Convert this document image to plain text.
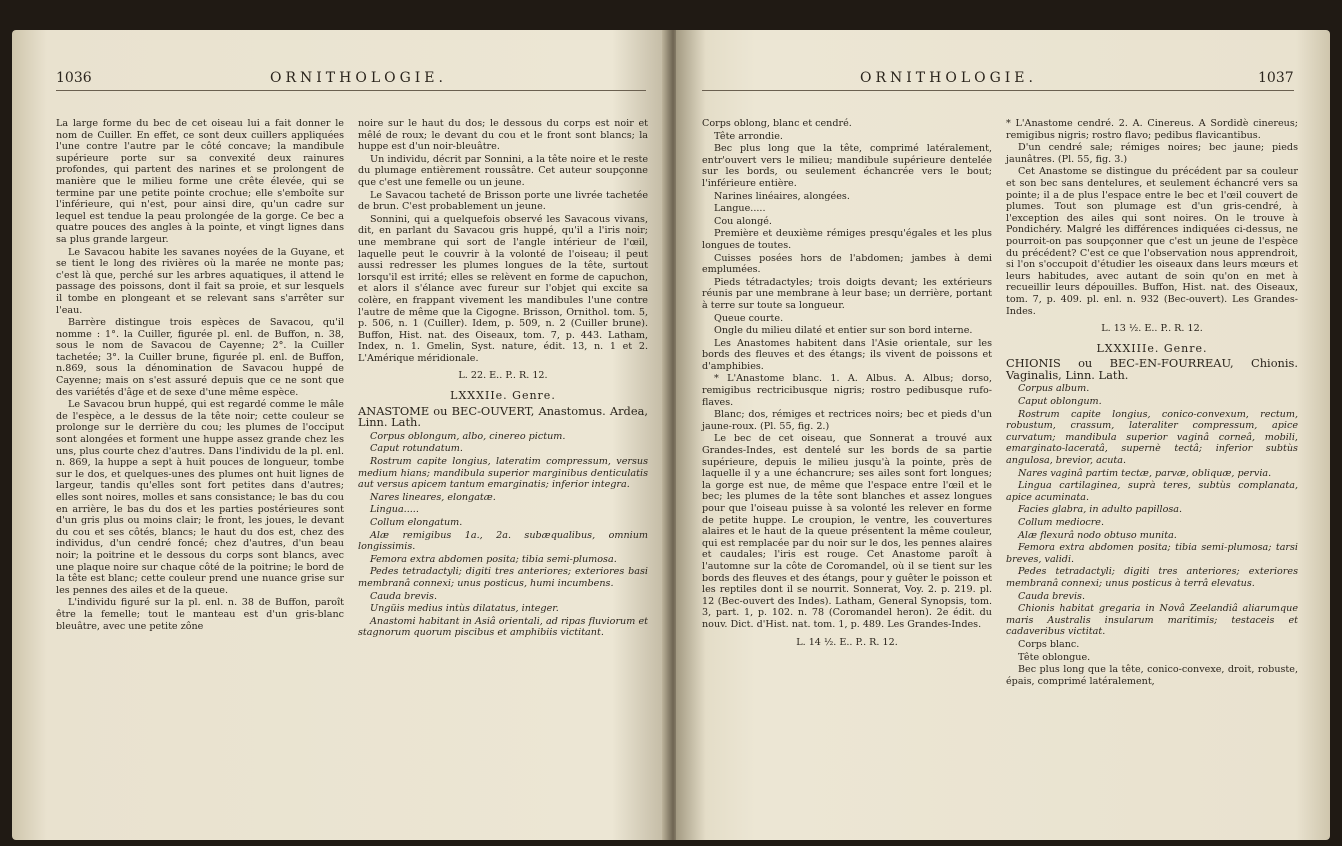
1036	ORNITHOLOGIE.

La large forme du bec de cet oiseau lui a fait donner le nom de Cuiller. En effet, ce sont deux cuillers appliquées l'une contre l'autre par le côté concave; la mandibule supérieure porte sur sa convexité deux rainures profondes, qui partent des narines et se prolongent de manière que le milieu forme une crête élevée, qui se termine par une petite pointe crochue; elle s'emboîte sur l'inférieure, qui n'est, pour ainsi dire, qu'un cadre sur lequel est tendue la peau prolongée de la gorge. Ce bec a quatre pouces des angles à la pointe, et vingt lignes dans sa plus grande largeur.

Le Savacou habite les savanes noyées de la Guyane, et se tient le long des rivières où la marée ne monte pas; c'est là que, perché sur les arbres aquatiques, il attend le passage des poissons, dont il fait sa proie, et sur lesquels il tombe en plongeant et se relevant sans s'arrêter sur l'eau.

Barrère distingue trois espèces de Savacou, qu'il nomme : 1°. la Cuiller, figurée pl. enl. de Buffon, n. 38, sous le nom de Savacou de Cayenne; 2°. la Cuiller tachetée; 3°. la Cuiller brune, figurée pl. enl. de Buffon, n.869, sous la dénomination de Savacou huppé de Cayenne; mais on s'est assuré depuis que ce ne sont que des variétés d'âge et de sexe d'une même espèce.

Le Savacou brun huppé, qui est regardé comme le mâle de l'espèce, a le dessus de la tête noir; cette couleur se prolonge sur le derrière du cou; les plumes de l'occiput sont alongées et forment une huppe assez grande chez les uns, plus courte chez d'autres. Dans l'individu de la pl. enl. n. 869, la huppe a sept à huit pouces de longueur, tombe sur le dos, et quelques-unes des plumes ont huit lignes de largeur, tandis qu'elles sont fort petites dans d'autres; elles sont noires, molles et sans consistance; le bas du cou en arrière, le bas du dos et les parties postérieures sont d'un gris plus ou moins clair; le front, les joues, le devant du cou et ses côtés, blancs; le haut du dos est, chez des individus, d'un cendré foncé; chez d'autres, d'un beau noir; la poitrine et le dessous du corps sont blancs, avec une plaque noire sur chaque côté de la poitrine; le bord de la tête est blanc; cette couleur prend une nuance grise sur les pennes des ailes et de la queue.

L'individu figuré sur la pl. enl. n. 38 de Buffon, paroît être la femelle; tout le manteau est d'un gris-blanc bleuâtre, avec une petite zône

noire sur le haut du dos; le dessous du corps est noir et mêlé de roux; le devant du cou et le front sont blancs; la huppe est d'un noir-bleuâtre.

Un individu, décrit par Sonnini, a la tête noire et le reste du plumage entièrement roussâtre. Cet auteur soupçonne que c'est une femelle ou un jeune.

Le Savacou tacheté de Brisson porte une livrée tachetée de brun. C'est probablement un jeune.

Sonnini, qui a quelquefois observé les Savacous vivans, dit, en parlant du Savacou gris huppé, qu'il a l'iris noir; une membrane qui sort de l'angle intérieur de l'œil, laquelle peut le couvrir à la volonté de l'oiseau; il peut aussi redresser les plumes longues de la tête, surtout lorsqu'il est irrité; elles se relèvent en forme de capuchon, et alors il s'élance avec fureur sur l'objet qui excite sa colère, en frappant vivement les mandibules l'une contre l'autre de même que la Cigogne. Brisson, Ornithol. tom. 5, p. 506, n. 1 (Cuiller). Idem, p. 509, n. 2 (Cuiller brune). Buffon, Hist. nat. des Oiseaux, tom. 7, p. 443. Latham, Index, n. 1. Gmelin, Syst. nature, édit. 13, n. 1 et 2. L'Amérique méridionale.

L. 22. E.. P.. R. 12.

LXXXIIe. Genre.

ANASTOME ou BEC-OUVERT, Anastomus. Ardea, Linn. Lath.

Corpus oblongum, albo, cinereo pictum.

Caput rotundatum.

Rostrum capite longius, lateratim compressum, versus medium hians; mandibula superior marginibus denticulatis aut versus apicem tantum emarginatis; inferior integra.

Nares lineares, elongatæ.

Lingua.....

Collum elongatum.

Alæ remigibus 1a., 2a. subæqualibus, omnium longissimis.

Femora extra abdomen posita; tibia semi-plumosa.

Pedes tetradactyli; digiti tres anteriores; exteriores basi membranâ connexi; unus posticus, humi incumbens.

Cauda brevis.

Ungüis medius intùs dilatatus, integer.

Anastomi habitant in Asiâ orientali, ad ripas fluviorum et stagnorum quorum piscibus et amphibiis victitant.

ORNITHOLOGIE.	1037

Corps oblong, blanc et cendré.

Tête arrondie.

Bec plus long que la tête, comprimé latéralement, entr'ouvert vers le milieu; mandibule supérieure dentelée sur les bords, ou seulement échancrée vers le bout; l'inférieure entière.

Narines linéaires, alongées.

Langue.....

Cou alongé.

Première et deuxième rémiges presqu'égales et les plus longues de toutes.

Cuisses posées hors de l'abdomen; jambes à demi emplumées.

Pieds tétradactyles; trois doigts devant; les extérieurs réunis par une membrane à leur base; un derrière, portant à terre sur toute sa longueur.

Queue courte.

Ongle du milieu dilaté et entier sur son bord interne.

Les Anastomes habitent dans l'Asie orientale, sur les bords des fleuves et des étangs; ils vivent de poissons et d'amphibies.

* L'Anastome blanc. 1. A. Albus. A. Albus; dorso, remigibus rectricibusque nigris; rostro pedibusque rufo-flaves.

Blanc; dos, rémiges et rectrices noirs; bec et pieds d'un jaune-roux. (Pl. 55, fig. 2.)

Le bec de cet oiseau, que Sonnerat a trouvé aux Grandes-Indes, est dentelé sur les bords de sa partie supérieure, depuis le milieu jusqu'à la pointe, près de laquelle il y a une échancrure; ses ailes sont fort longues; la gorge est nue, de même que l'espace entre l'œil et le bec; les plumes de la tête sont blanches et assez longues pour que l'oiseau puisse à sa volonté les relever en forme de petite huppe. Le croupion, le ventre, les couvertures alaires et le haut de la queue présentent la même couleur, qui est remplacée par du noir sur le dos, les pennes alaires et caudales; l'iris est rouge. Cet Anastome paroît à l'automne sur la côte de Coromandel, où il se tient sur les bords des fleuves et des étangs, pour y guêter le poisson et les reptiles dont il se nourrit. Sonnerat, Voy. 2. p. 219. pl. 12 (Bec-ouvert des Indes). Latham, General Synopsis, tom. 3, part. 1, p. 102. n. 78 (Coromandel heron). 2e édit. du nouv. Dict. d'Hist. nat. tom. 1, p. 489. Les Grandes-Indes.

L. 14 ½. E.. P.. R. 12.

* L'Anastome cendré. 2. A. Cinereus. A Sordidè cinereus; remigibus nigris; rostro flavo; pedibus flavicantibus.

D'un cendré sale; rémiges noires; bec jaune; pieds jaunâtres. (Pl. 55, fig. 3.)

Cet Anastome se distingue du précédent par sa couleur et son bec sans dentelures, et seulement échancré vers sa pointe; il a de plus l'espace entre le bec et l'œil couvert de plumes. Tout son plumage est d'un gris-cendré, à l'exception des ailes qui sont noires. On le trouve à Pondichéry. Malgré les différences indiquées ci-dessus, ne pourroit-on pas soupçonner que c'est un jeune de l'espèce du précédent? C'est ce que l'observation nous apprendroit, si l'on s'occupoit d'étudier les oiseaux dans leurs mœurs et leurs habitudes, avec autant de soin qu'on en met à recueillir leurs dépouilles. Buffon, Hist. nat. des Oiseaux, tom. 7, p. 409. pl. enl. n. 932 (Bec-ouvert). Les Grandes-Indes.

L. 13 ½. E.. P.. R. 12.

LXXXIIIe. Genre.

CHIONIS ou BEC-EN-FOURREAU, Chionis. Vaginalis, Linn. Lath.

Corpus album.

Caput oblongum.

Rostrum capite longius, conico-convexum, rectum, robustum, crassum, lateraliter compressum, apice curvatum; mandibula superior vaginâ corneâ, mobili, emarginato-laceratâ, supernè tectâ; inferior subtùs angulosa, brevior, acuta.

Nares vaginâ partim tectæ, parvæ, obliquæ, pervia.

Lingua cartilaginea, suprà teres, subtùs complanata, apice acuminata.

Facies glabra, in adulto papillosa.

Collum mediocre.

Alæ flexurâ nodo obtuso munita.

Femora extra abdomen posita; tibia semi-plumosa; tarsi breves, validi.

Pedes tetradactyli; digiti tres anteriores; exteriores membranâ connexi; unus posticus à terrâ elevatus.

Cauda brevis.

Chionis habitat gregaria in Novâ Zeelandiâ aliarumque maris Australis insularum maritimis; testaceis et cadaveribus victitat.

Corps blanc.

Tête oblongue.

Bec plus long que la tête, conico-convexe, droit, robuste, épais, comprimé latéralement,
